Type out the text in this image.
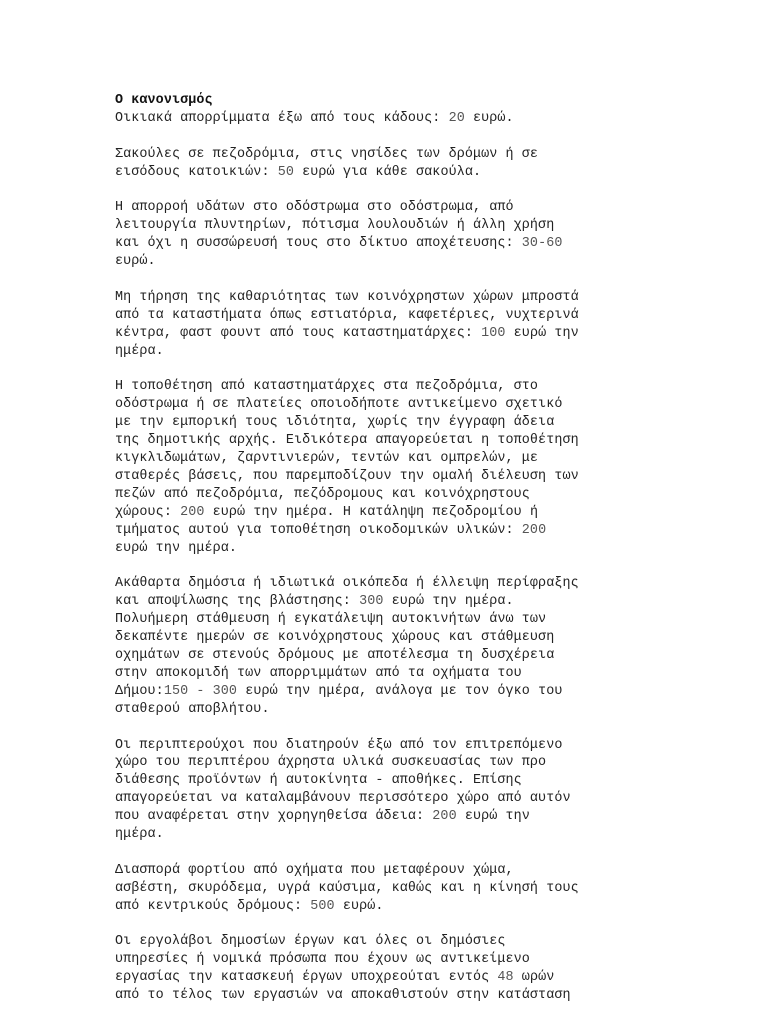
Ο κανονισμός
Οικιακά απορρίμματα έξω από τους κάδους: 20 ευρώ.
Σακούλες σε πεζοδρόμια, στις νησίδες των δρόμων ή σε
εισόδους κατοικιών: 50 ευρώ για κάθε σακούλα.
Η απορροή υδάτων στο οδόστρωμα στο οδόστρωμα, από
λειτουργία πλυντηρίων, πότισμα λουλουδιών ή άλλη χρήση
και όχι η συσσώρευσή τους στο δίκτυο αποχέτευσης: 30-60
ευρώ.
Μη τήρηση της καθαριότητας των κοινόχρηστων χώρων μπροστά
από τα καταστήματα όπως εστιατόρια, καφετέριες, νυχτερινά
κέντρα, φαστ φουντ από τους καταστηματάρχες: 100 ευρώ την
ημέρα.
Η τοποθέτηση από καταστηματάρχες στα πεζοδρόμια, στο
οδόστρωμα ή σε πλατείες οποιοδήποτε αντικείμενο σχετικό
με την εμπορική τους ιδιότητα, χωρίς την έγγραφη άδεια
της δημοτικής αρχής. Ειδικότερα απαγορεύεται η τοποθέτηση
κιγκλιδωμάτων, ζαρντινιερών, τεντών και ομπρελών, με
σταθερές βάσεις, που παρεμποδίζουν την ομαλή διέλευση των
πεζών από πεζοδρόμια, πεζόδρομους και κοινόχρηστους
χώρους: 200 ευρώ την ημέρα. Η κατάληψη πεζοδρομίου ή
τμήματος αυτού για τοποθέτηση οικοδομικών υλικών: 200
ευρώ την ημέρα.
Ακάθαρτα δημόσια ή ιδιωτικά οικόπεδα ή έλλειψη περίφραξης
και αποψίλωσης της βλάστησης: 300 ευρώ την ημέρα.
Πολυήμερη στάθμευση ή εγκατάλειψη αυτοκινήτων άνω των
δεκαπέντε ημερών σε κοινόχρηστους χώρους και στάθμευση
οχημάτων σε στενούς δρόμους με αποτέλεσμα τη δυσχέρεια
στην αποκομιδή των απορριμμάτων από τα οχήματα του
Δήμου:150 - 300 ευρώ την ημέρα, ανάλογα με τον όγκο του
σταθερού αποβλήτου.
Οι περιπτερούχοι που διατηρούν έξω από τον επιτρεπόμενο
χώρο του περιπτέρου άχρηστα υλικά συσκευασίας των προ
διάθεσης προϊόντων ή αυτοκίνητα - αποθήκες. Επίσης
απαγορεύεται να καταλαμβάνουν περισσότερο χώρο από αυτόν
που αναφέρεται στην χορηγηθείσα άδεια: 200 ευρώ την
ημέρα.
Διασπορά φορτίου από οχήματα που μεταφέρουν χώμα,
ασβέστη, σκυρόδεμα, υγρά καύσιμα, καθώς και η κίνησή τους
από κεντρικούς δρόμους: 500 ευρώ.
Οι εργολάβοι δημοσίων έργων και όλες οι δημόσιες
υπηρεσίες ή νομικά πρόσωπα που έχουν ως αντικείμενο
εργασίας την κατασκευή έργων υποχρεούται εντός 48 ωρών
από το τέλος των εργασιών να αποκαθιστούν στην κατάσταση
